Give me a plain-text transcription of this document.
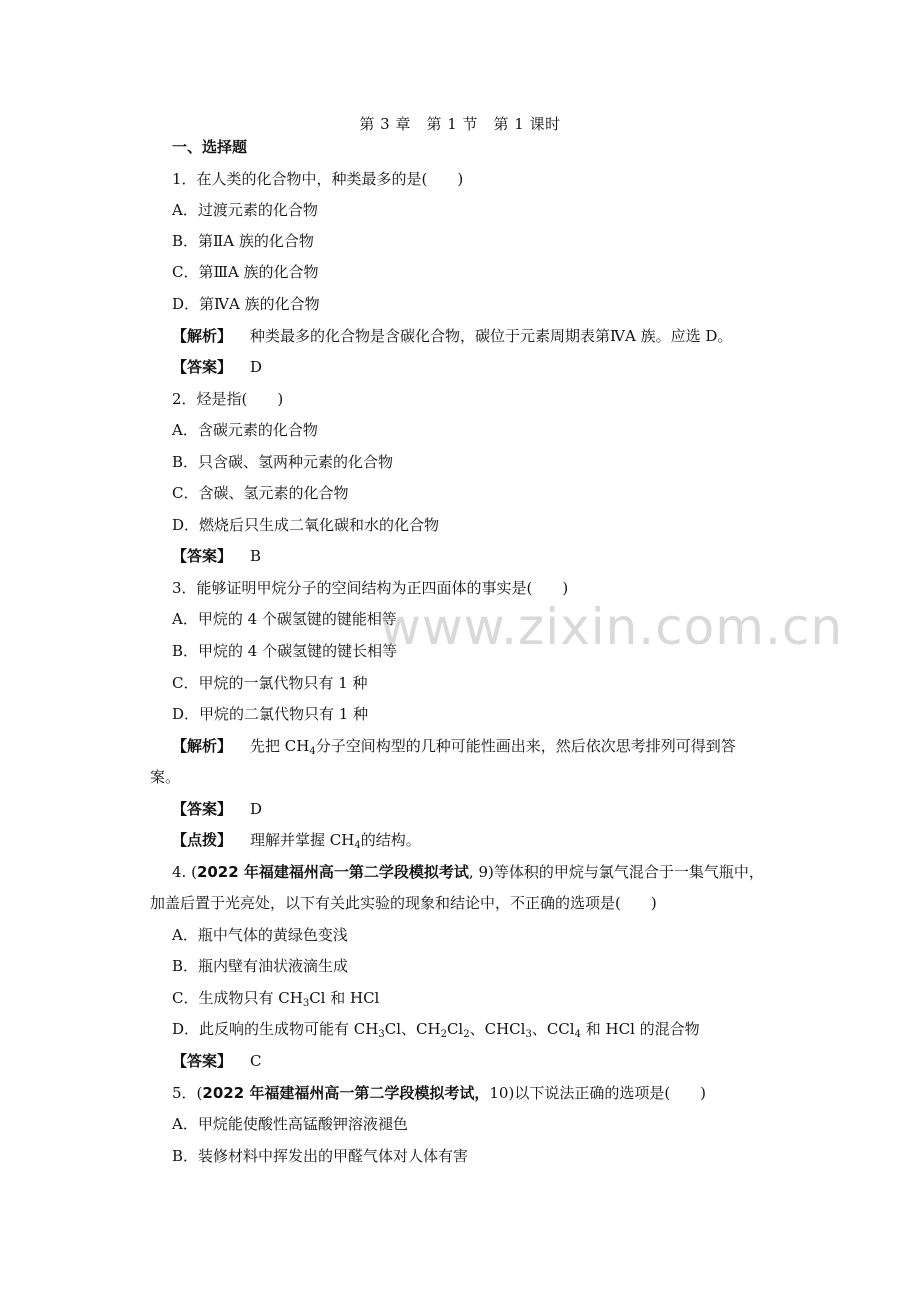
www.zixin.com.cn
第 3 章　第 1 节　第 1 课时
一、选择题
1．在人类的化合物中，种类最多的是(　　)
A．过渡元素的化合物
B．第ⅡA 族的化合物
C．第ⅢA 族的化合物
D．第ⅣA 族的化合物
【解析】 种类最多的化合物是含碳化合物，碳位于元素周期表第ⅣA 族。应选 D。
【答案】 D
2．烃是指(　　)
A．含碳元素的化合物
B．只含碳、氢两种元素的化合物
C．含碳、氢元素的化合物
D．燃烧后只生成二氧化碳和水的化合物
【答案】 B
3．能够证明甲烷分子的空间结构为正四面体的事实是(　　)
A．甲烷的 4 个碳氢键的键能相等
B．甲烷的 4 个碳氢键的键长相等
C．甲烷的一氯代物只有 1 种
D．甲烷的二氯代物只有 1 种
【解析】 先把 $CH_4$分子空间构型的几种可能性画出来，然后依次思考排列可得到答
案。
【答案】 D
【点拨】 理解并掌握 $CH_4$的结构。
4. (2022 年福建福州高一第二学段模拟考试, 9)等体积的甲烷与氯气混合于一集气瓶中，
加盖后置于光亮处，以下有关此实验的现象和结论中，不正确的选项是(　　)
A．瓶中气体的黄绿色变浅
B．瓶内壁有油状液滴生成
C．生成物只有 $CH_3Cl$ 和 HCl
D．此反响的生成物可能有 $CH_3Cl$、$CH_2Cl_2$、CHCl$_3$、CCl$_4$ 和 HCl 的混合物
【答案】 C
5．(2022 年福建福州高一第二学段模拟考试，10)以下说法正确的选项是(　　)
A．甲烷能使酸性高锰酸钾溶液褪色
B．装修材料中挥发出的甲醛气体对人体有害
